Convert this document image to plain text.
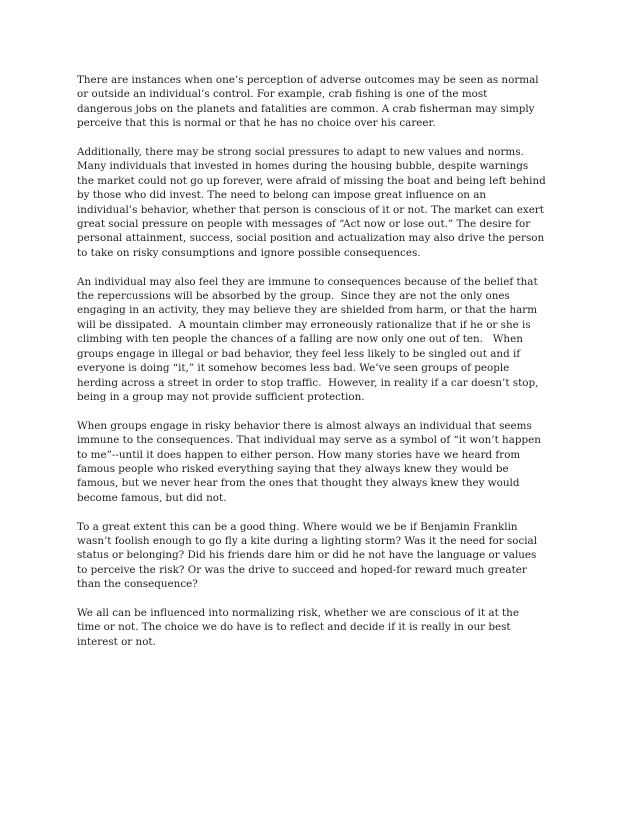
There are instances when one’s perception of adverse outcomes may be seen as normal
or outside an individual’s control. For example, crab fishing is one of the most
dangerous jobs on the planets and fatalities are common. A crab fisherman may simply
perceive that this is normal or that he has no choice over his career.

Additionally, there may be strong social pressures to adapt to new values and norms.
Many individuals that invested in homes during the housing bubble, despite warnings
the market could not go up forever, were afraid of missing the boat and being left behind
by those who did invest. The need to belong can impose great influence on an
individual’s behavior, whether that person is conscious of it or not. The market can exert
great social pressure on people with messages of “Act now or lose out.” The desire for
personal attainment, success, social position and actualization may also drive the person
to take on risky consumptions and ignore possible consequences.

An individual may also feel they are immune to consequences because of the belief that
the repercussions will be absorbed by the group.  Since they are not the only ones
engaging in an activity, they may believe they are shielded from harm, or that the harm
will be dissipated.  A mountain climber may erroneously rationalize that if he or she is
climbing with ten people the chances of a falling are now only one out of ten.   When
groups engage in illegal or bad behavior, they feel less likely to be singled out and if
everyone is doing “it,” it somehow becomes less bad. We’ve seen groups of people
herding across a street in order to stop traffic.  However, in reality if a car doesn’t stop,
being in a group may not provide sufficient protection.

When groups engage in risky behavior there is almost always an individual that seems
immune to the consequences. That individual may serve as a symbol of “it won’t happen
to me”--until it does happen to either person. How many stories have we heard from
famous people who risked everything saying that they always knew they would be
famous, but we never hear from the ones that thought they always knew they would
become famous, but did not.

To a great extent this can be a good thing. Where would we be if Benjamin Franklin
wasn’t foolish enough to go fly a kite during a lighting storm? Was it the need for social
status or belonging? Did his friends dare him or did he not have the language or values
to perceive the risk? Or was the drive to succeed and hoped-for reward much greater
than the consequence?

We all can be influenced into normalizing risk, whether we are conscious of it at the
time or not. The choice we do have is to reflect and decide if it is really in our best
interest or not.
